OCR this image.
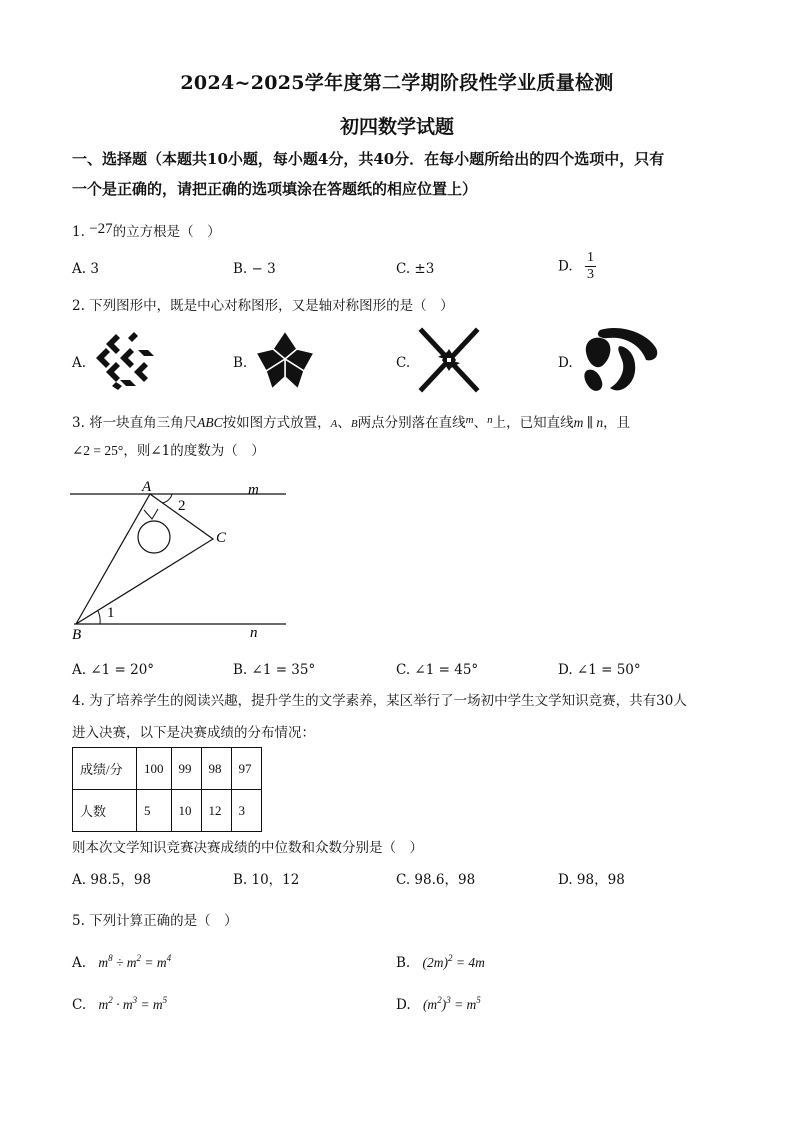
2024~2025学年度第二学期阶段性学业质量检测
初四数学试题
一、选择题（本题共10小题，每小题4分，共40分．在每小题所给出的四个选项中，只有
一个是正确的，请把正确的选项填涂在答题纸的相应位置上）
1. −27的立方根是（　）
A. 3	B. − 3	C. ±3	D. $\frac{1}{3}$
2. 下列图形中，既是中心对称图形，又是轴对称图形的是（　）
A.	B.	C.	D.
3. 将一块直角三角尺ABC按如图方式放置，A、B两点分别落在直线$^m$、$^n$上，已知直线m ∥ n，且
∠2 = 25°，则∠1的度数为（　）
A
2
m
C
1
B	n
A. ∠1 = 20°	B. ∠1 = 35°	C. ∠1 = 45°	D. ∠1 = 50°
4. 为了培养学生的阅读兴趣，提升学生的文学素养，某区举行了一场初中学生文学知识竞赛，共有30人
进入决赛，以下是决赛成绩的分布情况：
成绩/分	100	99	98	97
人数	5	10	12	3
则本次文学知识竞赛决赛成绩的中位数和众数分别是（　）
A. 98.5，98	B. 10，12	C. 98.6，98	D. 98，98
5. 下列计算正确的是（　）
A. $m^8 \div m^2 = m^4$	B. $(2m)^2 = 4m$
C. $m^2 \cdot m^3 = m^5$	D. $(m^2)^3 = m^5$
